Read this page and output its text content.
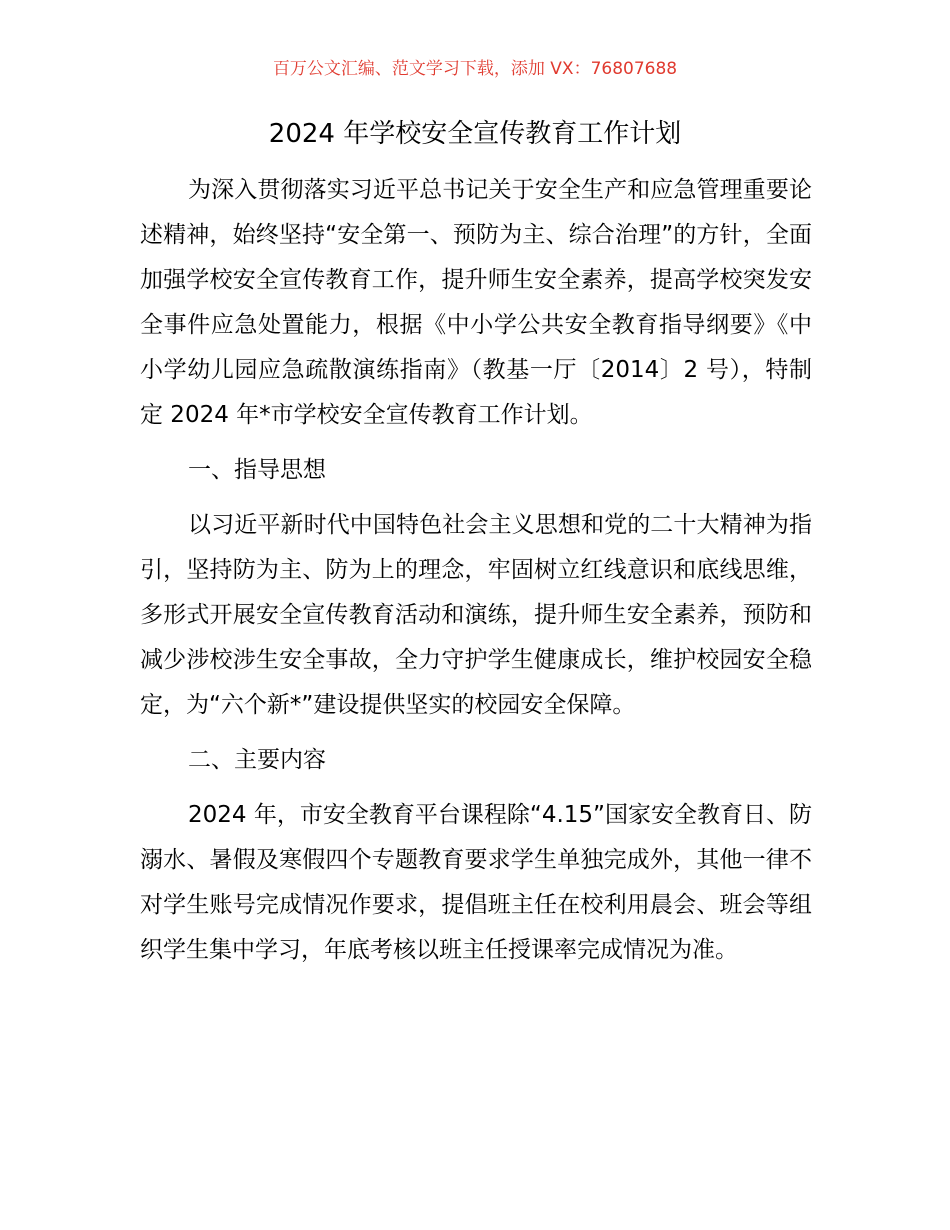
百万公文汇编、范文学习下载，添加 VX：76807688
2024 年学校安全宣传教育工作计划

为深入贯彻落实习近平总书记关于安全生产和应急管理重要论述精神，始终坚持“安全第一、预防为主、综合治理”的方针，全面加强学校安全宣传教育工作，提升师生安全素养，提高学校突发安全事件应急处置能力，根据《中小学公共安全教育指导纲要》《中小学幼儿园应急疏散演练指南》（教基一厅〔2014〕2 号），特制定 2024 年*市学校安全宣传教育工作计划。

一、指导思想

以习近平新时代中国特色社会主义思想和党的二十大精神为指引，坚持防为主、防为上的理念，牢固树立红线意识和底线思维，多形式开展安全宣传教育活动和演练，提升师生安全素养，预防和减少涉校涉生安全事故，全力守护学生健康成长，维护校园安全稳定，为“六个新*”建设提供坚实的校园安全保障。

二、主要内容

2024 年，市安全教育平台课程除“4.15”国家安全教育日、防溺水、暑假及寒假四个专题教育要求学生单独完成外，其他一律不对学生账号完成情况作要求，提倡班主任在校利用晨会、班会等组织学生集中学习，年底考核以班主任授课率完成情况为准。
